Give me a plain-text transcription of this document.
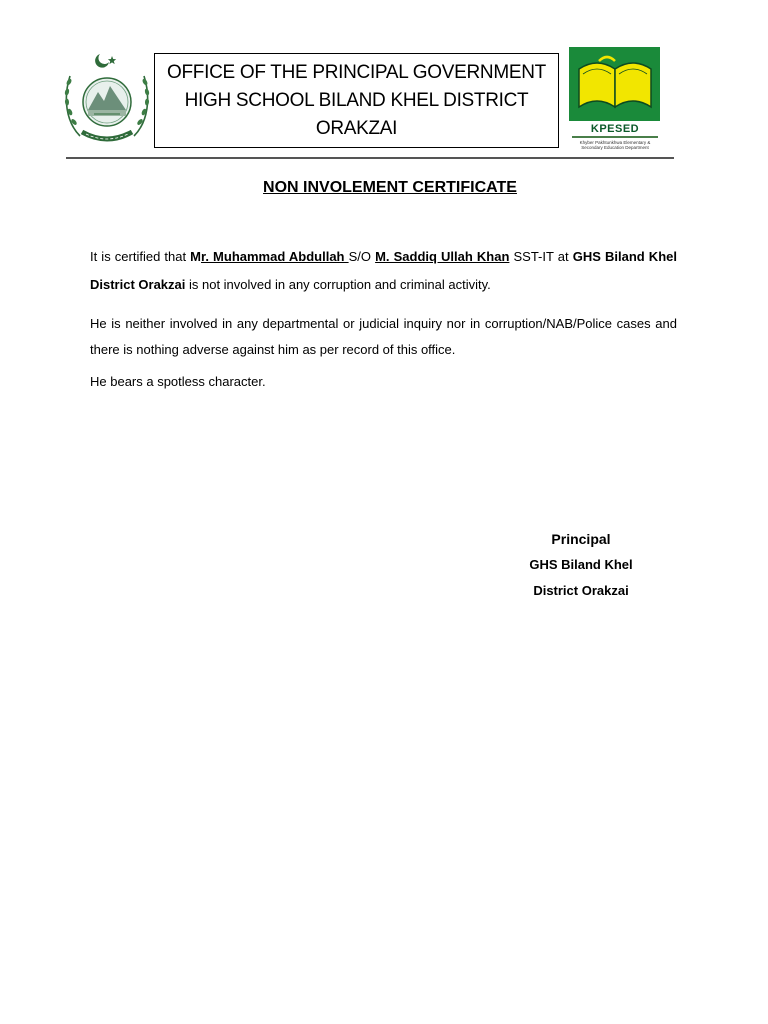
OFFICE OF THE PRINCIPAL GOVERNMENT
HIGH SCHOOL BILAND KHEL DISTRICT
ORAKZAI	KPESED
Khyber Pakhtunkhwa Elementary &
Secondary Education Department
NON INVOLEMENT CERTIFICATE
It is certified that Mr. Muhammad Abdullah S/O M. Saddiq Ullah Khan SST-IT at GHS Biland Khel District Orakzai is not involved in any corruption and criminal activity.
He is neither involved in any departmental or judicial inquiry nor in corruption/NAB/Police cases and there is nothing adverse against him as per record of this office.
He bears a spotless character.
Principal
GHS Biland Khel
District Orakzai
